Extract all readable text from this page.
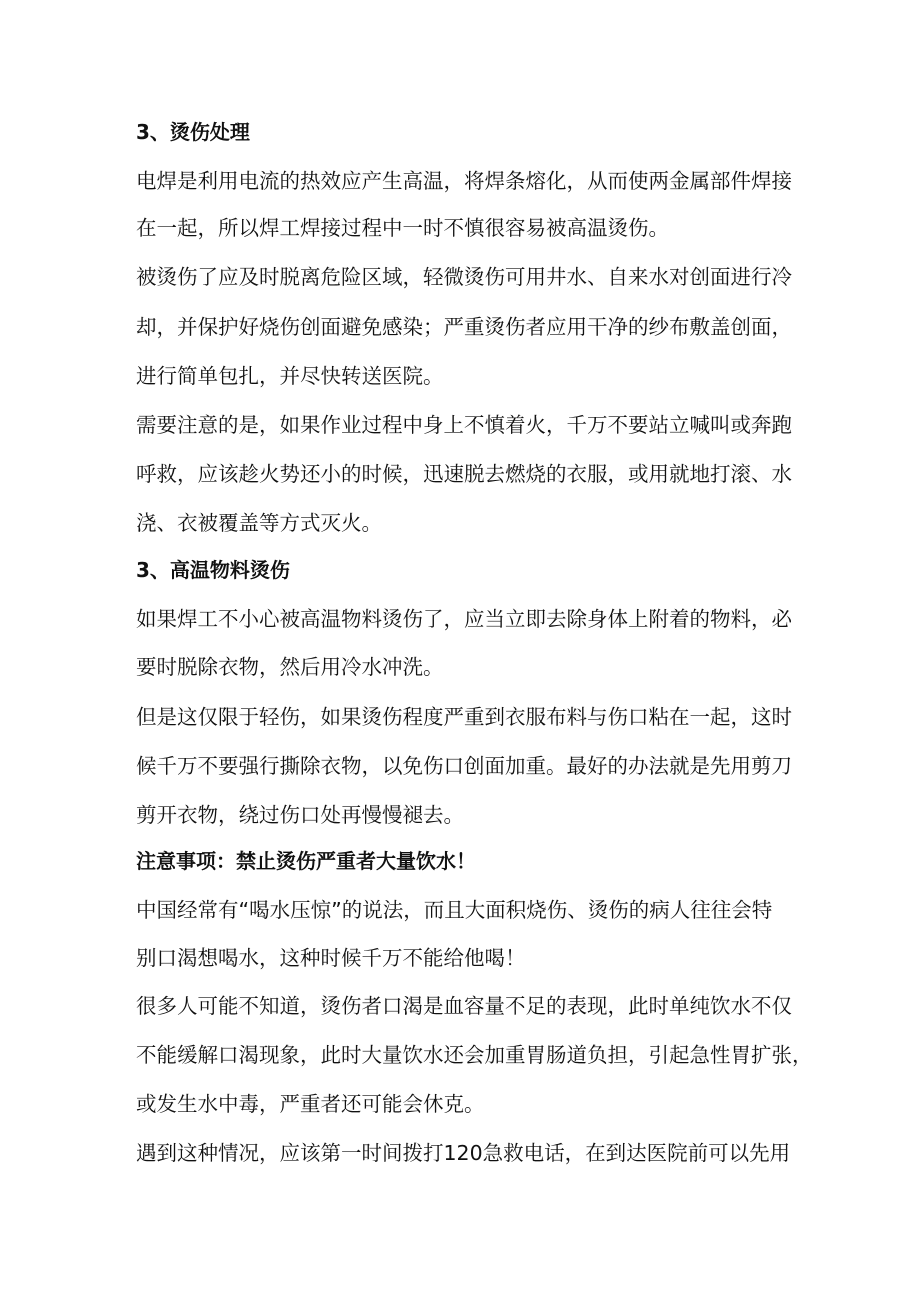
3、烫伤处理
电焊是利用电流的热效应产生高温，将焊条熔化，从而使两金属部件焊接
在一起，所以焊工焊接过程中一时不慎很容易被高温烫伤。
被烫伤了应及时脱离危险区域，轻微烫伤可用井水、自来水对创面进行冷
却，并保护好烧伤创面避免感染；严重烫伤者应用干净的纱布敷盖创面，
进行简单包扎，并尽快转送医院。
需要注意的是，如果作业过程中身上不慎着火，千万不要站立喊叫或奔跑
呼救，应该趁火势还小的时候，迅速脱去燃烧的衣服，或用就地打滚、水
浇、衣被覆盖等方式灭火。
3、高温物料烫伤
如果焊工不小心被高温物料烫伤了，应当立即去除身体上附着的物料，必
要时脱除衣物，然后用冷水冲洗。
但是这仅限于轻伤，如果烫伤程度严重到衣服布料与伤口粘在一起，这时
候千万不要强行撕除衣物，以免伤口创面加重。最好的办法就是先用剪刀
剪开衣物，绕过伤口处再慢慢褪去。
注意事项：禁止烫伤严重者大量饮水！
中国经常有“喝水压惊”的说法，而且大面积烧伤、烫伤的病人往往会特
别口渴想喝水，这种时候千万不能给他喝！
很多人可能不知道，烫伤者口渴是血容量不足的表现，此时单纯饮水不仅
不能缓解口渴现象，此时大量饮水还会加重胃肠道负担，引起急性胃扩张，
或发生水中毒，严重者还可能会休克。
遇到这种情况，应该第一时间拨打120急救电话，在到达医院前可以先用
